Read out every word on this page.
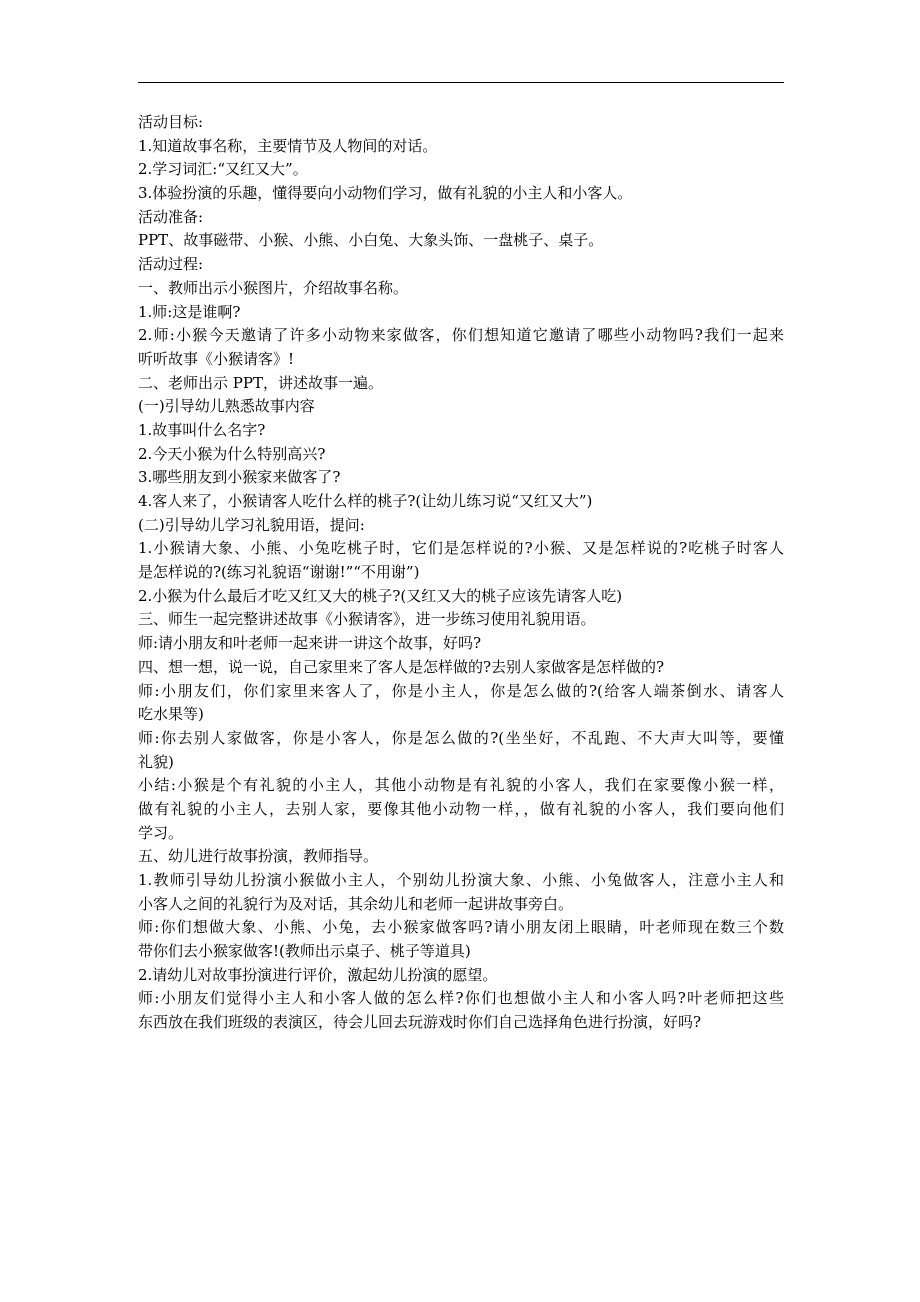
活动目标:
1.知道故事名称，主要情节及人物间的对话。
2.学习词汇:“又红又大”。
3.体验扮演的乐趣，懂得要向小动物们学习，做有礼貌的小主人和小客人。
活动准备:
PPT、故事磁带、小猴、小熊、小白兔、大象头饰、一盘桃子、桌子。
活动过程:
一、教师出示小猴图片，介绍故事名称。
1.师:这是谁啊?
2.师:小猴今天邀请了许多小动物来家做客，你们想知道它邀请了哪些小动物吗?我们一起来
听听故事《小猴请客》!
二、老师出示 PPT，讲述故事一遍。
(一)引导幼儿熟悉故事内容
1.故事叫什么名字?
2.今天小猴为什么特别高兴?
3.哪些朋友到小猴家来做客了?
4.客人来了，小猴请客人吃什么样的桃子?(让幼儿练习说“又红又大”)
(二)引导幼儿学习礼貌用语，提问:
1.小猴请大象、小熊、小兔吃桃子时，它们是怎样说的?小猴、又是怎样说的?吃桃子时客人
是怎样说的?(练习礼貌语“谢谢!”“不用谢”)
2.小猴为什么最后才吃又红又大的桃子?(又红又大的桃子应该先请客人吃)
三、师生一起完整讲述故事《小猴请客》，进一步练习使用礼貌用语。
师:请小朋友和叶老师一起来讲一讲这个故事，好吗?
四、想一想，说一说，自己家里来了客人是怎样做的?去别人家做客是怎样做的?
师:小朋友们，你们家里来客人了，你是小主人，你是怎么做的?(给客人端茶倒水、请客人
吃水果等)
师:你去别人家做客，你是小客人，你是怎么做的?(坐坐好，不乱跑、不大声大叫等，要懂
礼貌)
小结:小猴是个有礼貌的小主人，其他小动物是有礼貌的小客人，我们在家要像小猴一样，
做有礼貌的小主人，去别人家，要像其他小动物一样，，做有礼貌的小客人，我们要向他们
学习。
五、幼儿进行故事扮演，教师指导。
1.教师引导幼儿扮演小猴做小主人，个别幼儿扮演大象、小熊、小兔做客人，注意小主人和
小客人之间的礼貌行为及对话，其余幼儿和老师一起讲故事旁白。
师:你们想做大象、小熊、小兔，去小猴家做客吗?请小朋友闭上眼睛，叶老师现在数三个数
带你们去小猴家做客!(教师出示桌子、桃子等道具)
2.请幼儿对故事扮演进行评价，激起幼儿扮演的愿望。
师:小朋友们觉得小主人和小客人做的怎么样?你们也想做小主人和小客人吗?叶老师把这些
东西放在我们班级的表演区，待会儿回去玩游戏时你们自己选择角色进行扮演，好吗?
